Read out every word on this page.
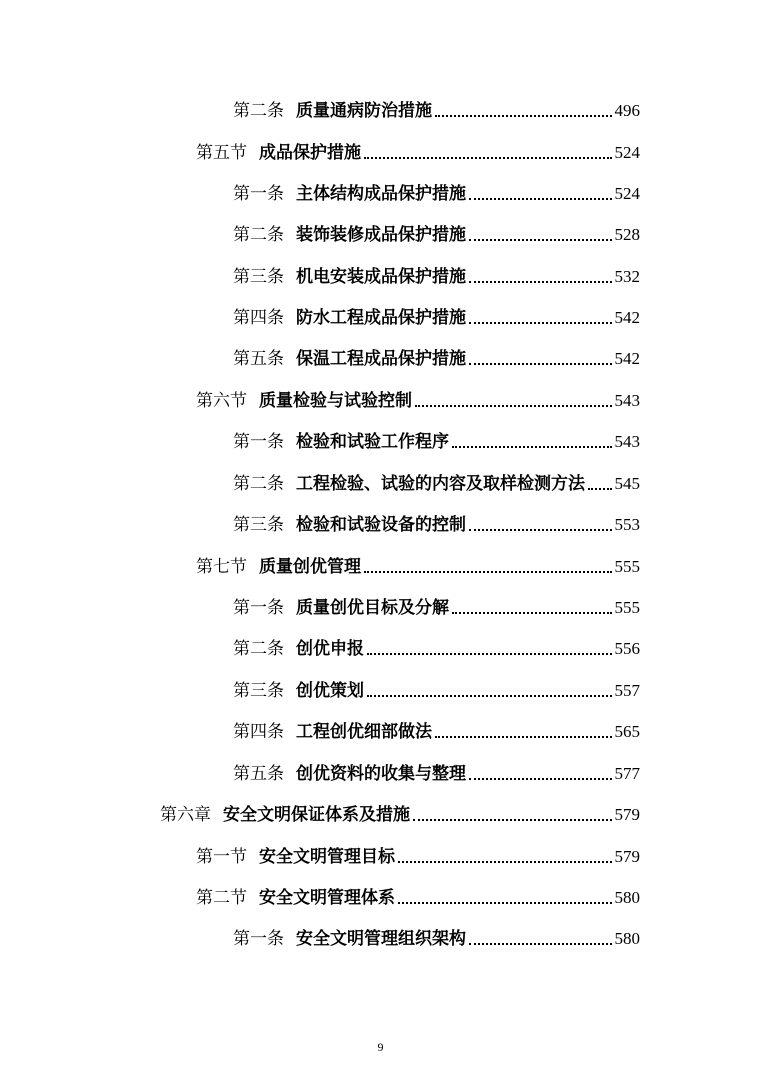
第二条 质量通病防治措施	496
第五节 成品保护措施	524
第一条 主体结构成品保护措施	524
第二条 装饰装修成品保护措施	528
第三条 机电安装成品保护措施	532
第四条 防水工程成品保护措施	542
第五条 保温工程成品保护措施	542
第六节 质量检验与试验控制	543
第一条 检验和试验工作程序	543
第二条 工程检验、试验的内容及取样检测方法 545
第三条 检验和试验设备的控制	553
第七节 质量创优管理	555
第一条 质量创优目标及分解	555
第二条 创优申报	556
第三条 创优策划	557
第四条 工程创优细部做法	565
第五条 创优资料的收集与整理	577
第六章 安全文明保证体系及措施	579
第一节 安全文明管理目标	579
第二节 安全文明管理体系	580
第一条 安全文明管理组织架构	580
9
